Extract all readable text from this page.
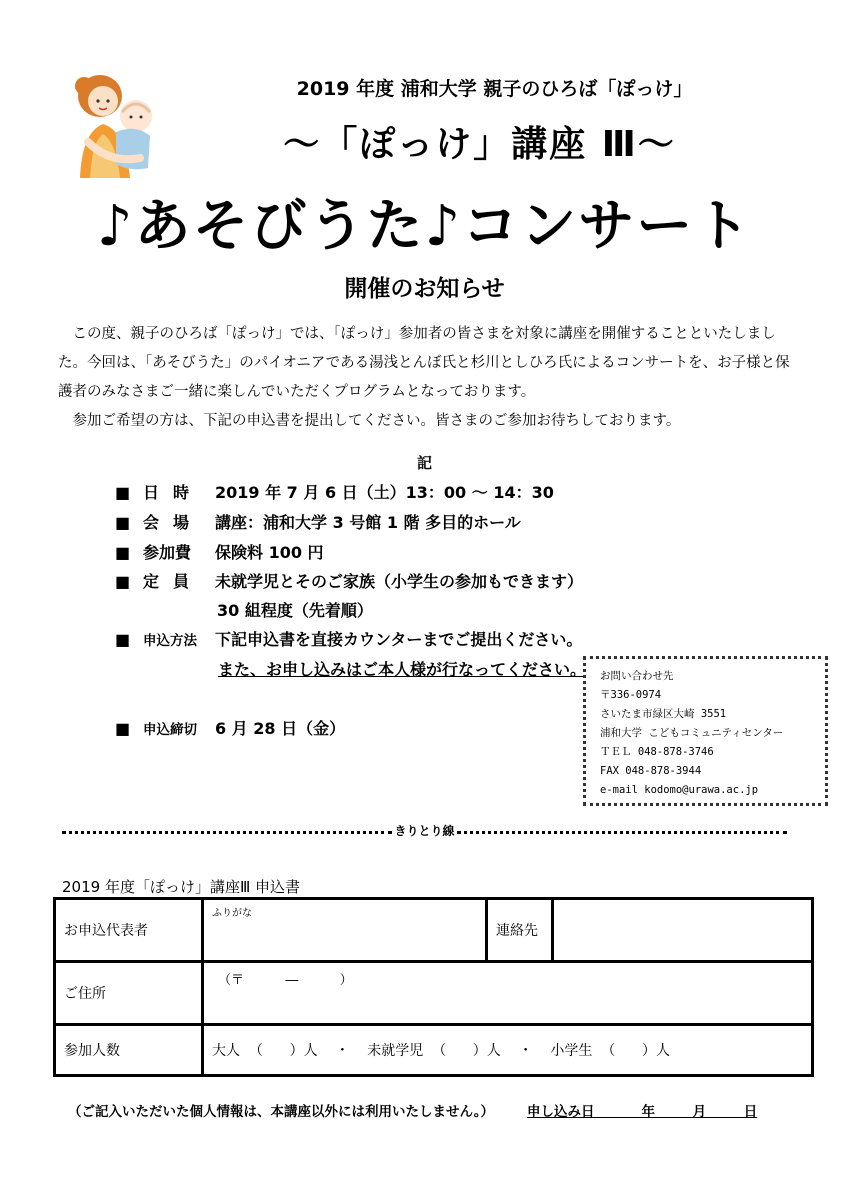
2019 年度 浦和大学 親子のひろば「ぽっけ」
〜「ぽっけ」講座 Ⅲ〜
♪あそびうた♪コンサート
開催のお知らせ

この度、親子のひろば「ぽっけ」では、「ぽっけ」参加者の皆さまを対象に講座を開催することといたしました。今回は、「あそびうた」のパイオニアである湯浅とんぼ氏と杉川としひろ氏によるコンサートを、お子様と保護者のみなさまご一緒に楽しんでいただくプログラムとなっております。

参加ご希望の方は、下記の申込書を提出してください。皆さまのご参加お待ちしております。

記
■ 日時 2019 年 7 月 6 日（土）13：00 〜 14：30
■ 会場 講座：浦和大学 3 号館 1 階 多目的ホール
■ 参加費 保険料 100 円
■ 定員 未就学児とそのご家族（小学生の参加もできます）
30 組程度（先着順）
■ 申込方法 下記申込書を直接カウンターまでご提出ください。
また、お申し込みはご本人様が行なってください。
■ 申込締切 6 月 28 日（金）
お問い合わせ先
〒336-0974
さいたま市緑区大崎 3551
浦和大学 こどもコミュニティセンター
ＴＥＬ 048-878-3746
FAX 048-878-3944
e-mail kodomo@urawa.ac.jp
きりとり線
2019 年度「ぽっけ」講座Ⅲ 申込書
お申込代表者	ふりがな	連絡先	
ご住所	（〒          ―          ）		

参加人数	大人  （      ）人    ・    未就学児  （      ）人    ・    小学生  （      ）人		
（ご記入いただいた個人情報は、本講座以外には利用いたしません。） 申し込み日          年        月        日
